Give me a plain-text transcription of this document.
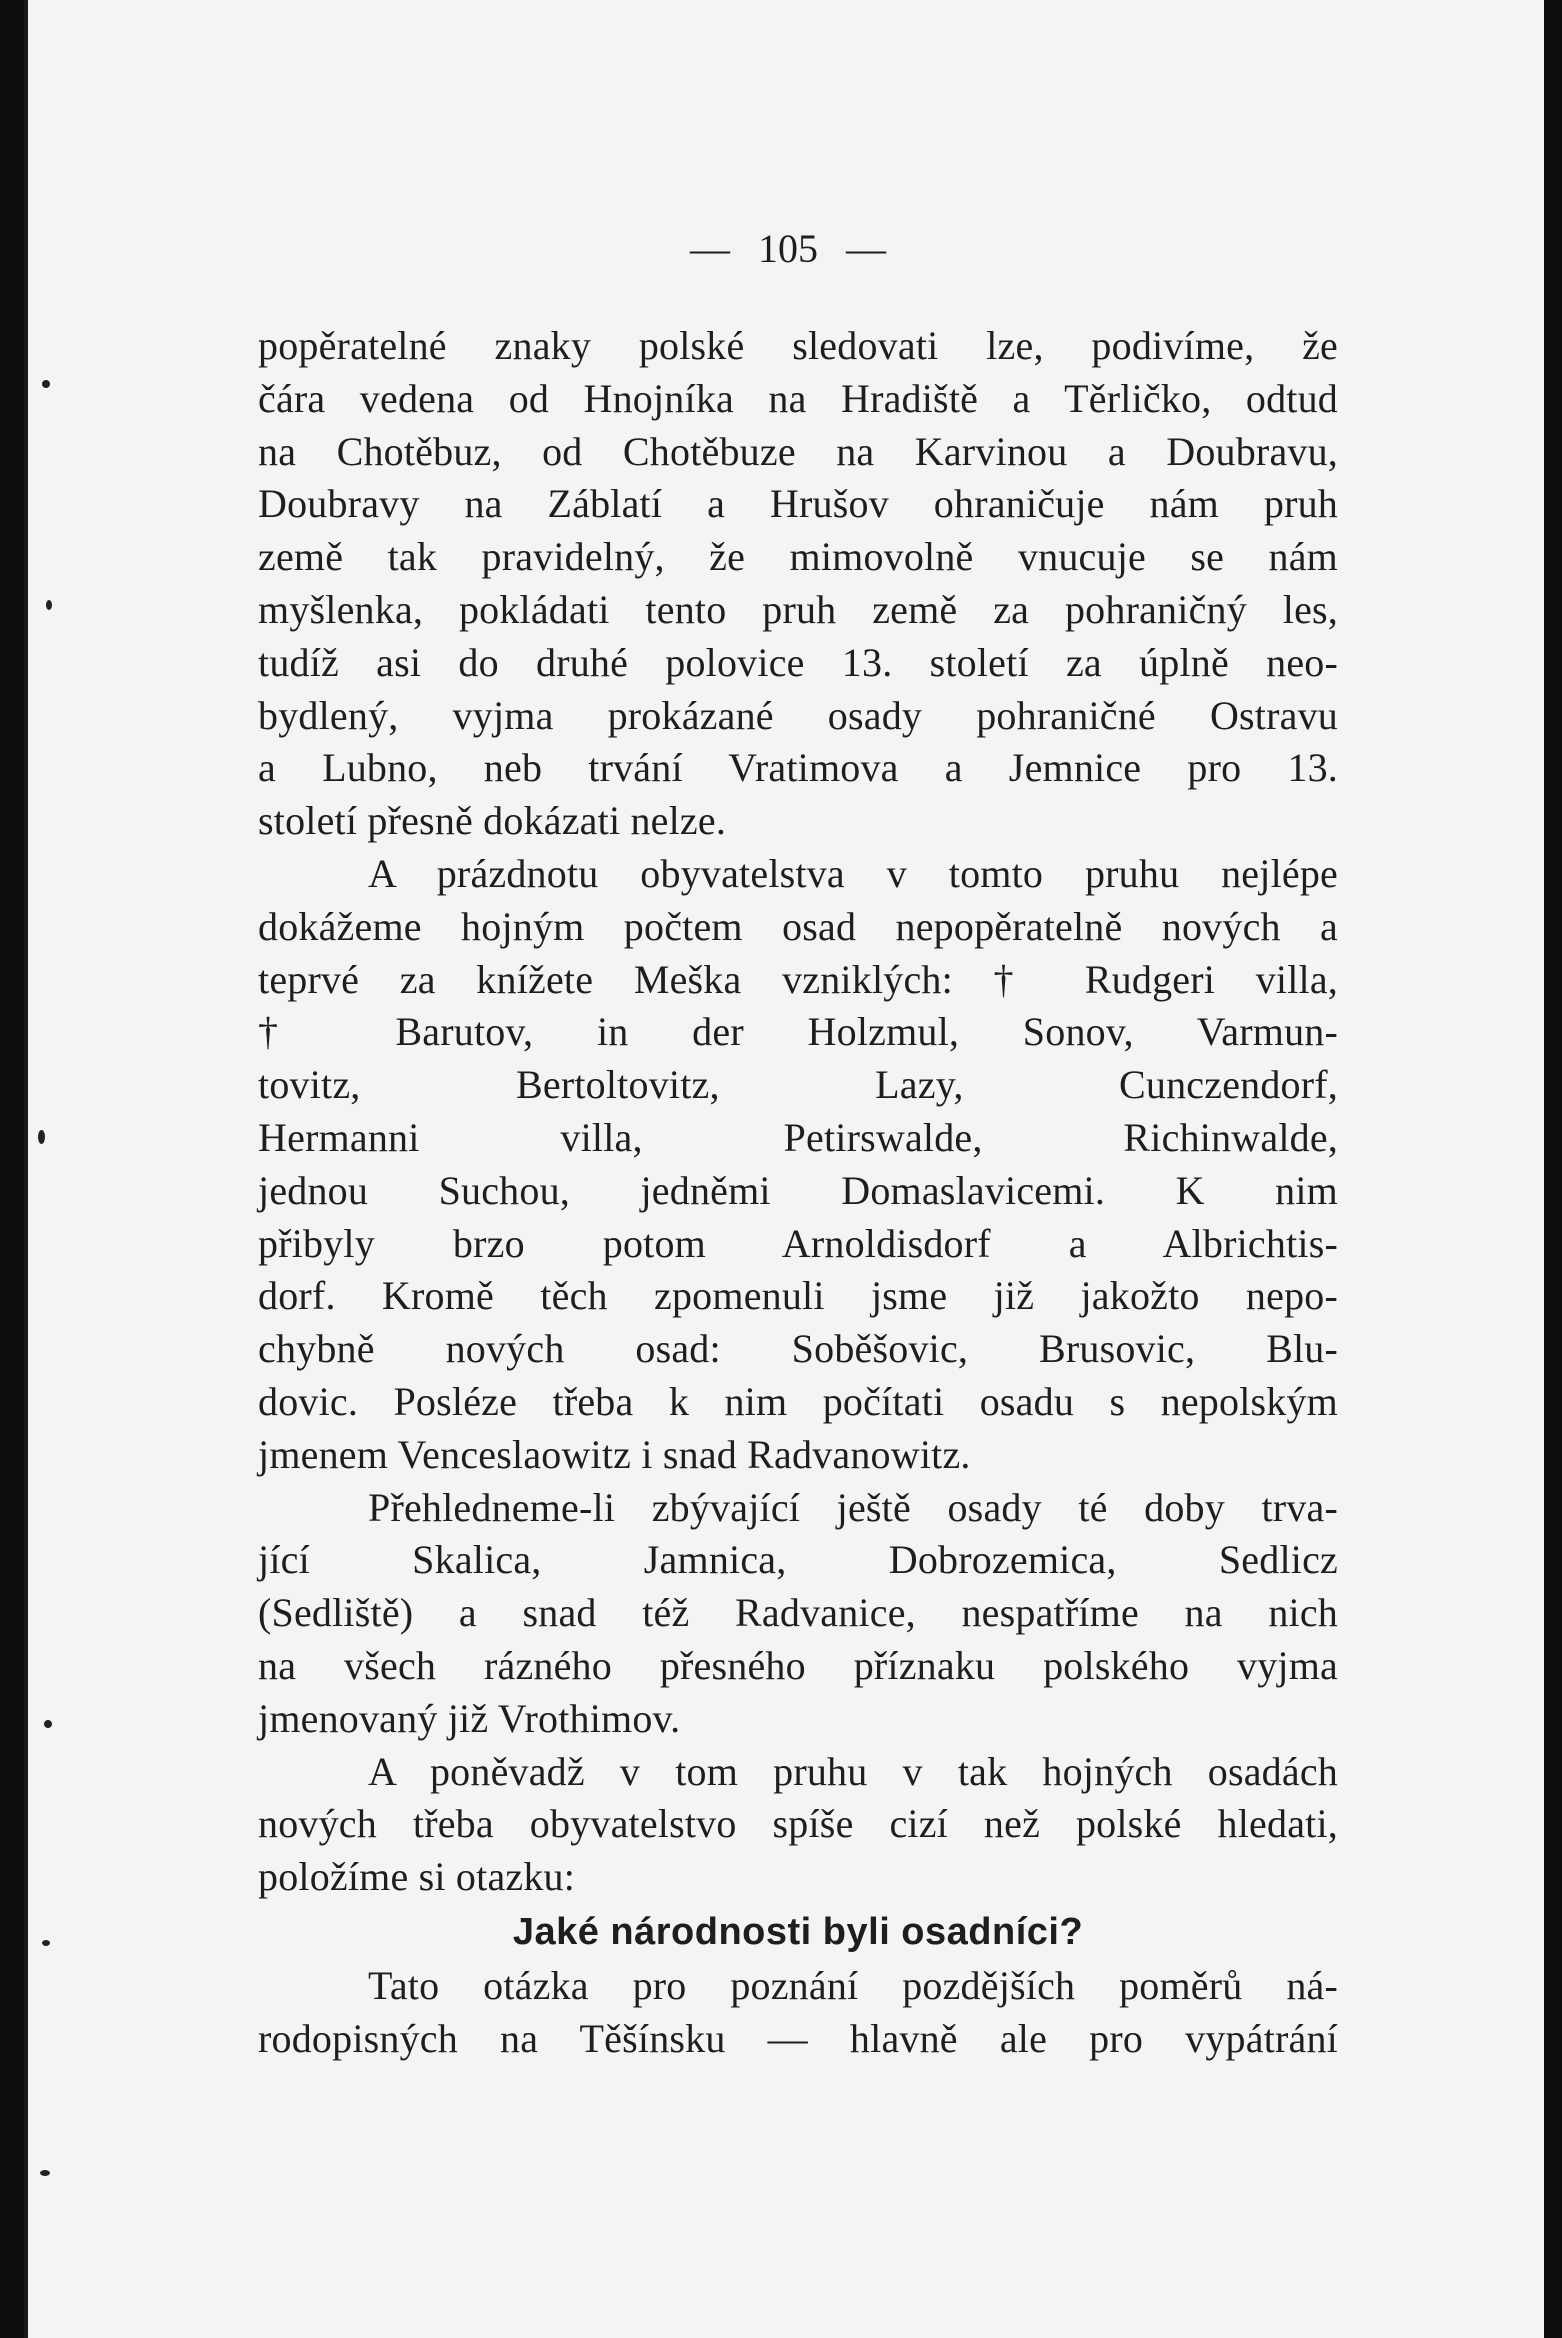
— 105 —
popěratelné znaky polské sledovati lze, podivíme, že
čára vedena od Hnojníka na Hradiště a Těrličko, odtud
na Chotěbuz, od Chotěbuze na Karvinou a Doubravu,
Doubravy na Záblatí a Hrušov ohraničuje nám pruh
země tak pravidelný, že mimovolně vnucuje se nám
myšlenka, pokládati tento pruh země za pohraničný les,
tudíž asi do druhé polovice 13. století za úplně neo-
bydlený, vyjma prokázané osady pohraničné Ostravu
a Lubno, neb trvání Vratimova a Jemnice pro 13.
století přesně dokázati nelze.
A prázdnotu obyvatelstva v tomto pruhu nejlépe
dokážeme hojným počtem osad nepopěratelně nových a
teprvé za knížete Meška vzniklých: † Rudgeri villa,
† Barutov, in der Holzmul, Sonov, Varmun-
tovitz, Bertoltovitz, Lazy, Cunczendorf,
Hermanni villa, Petirswalde, Richinwalde,
jednou Suchou, jedněmi Domaslavicemi. K nim
přibyly brzo potom Arnoldisdorf a Albrichtis-
dorf. Kromě těch zpomenuli jsme již jakožto nepo-
chybně nových osad: Soběšovic, Brusovic, Blu-
dovic. Posléze třeba k nim počítati osadu s nepolským
jmenem Venceslaowitz i snad Radvanowitz.
Přehledneme-li zbývající ještě osady té doby trva-
jící Skalica, Jamnica, Dobrozemica, Sedlicz
(Sedliště) a snad též Radvanice, nespatříme na nich
na všech rázného přesného příznaku polského vyjma
jmenovaný již Vrothimov.
A poněvadž v tom pruhu v tak hojných osadách
nových třeba obyvatelstvo spíše cizí než polské hledati,
položíme si otazku:
Jaké národnosti byli osadníci?
Tato otázka pro poznání pozdějších poměrů ná-
rodopisných na Těšínsku — hlavně ale pro vypátrání
